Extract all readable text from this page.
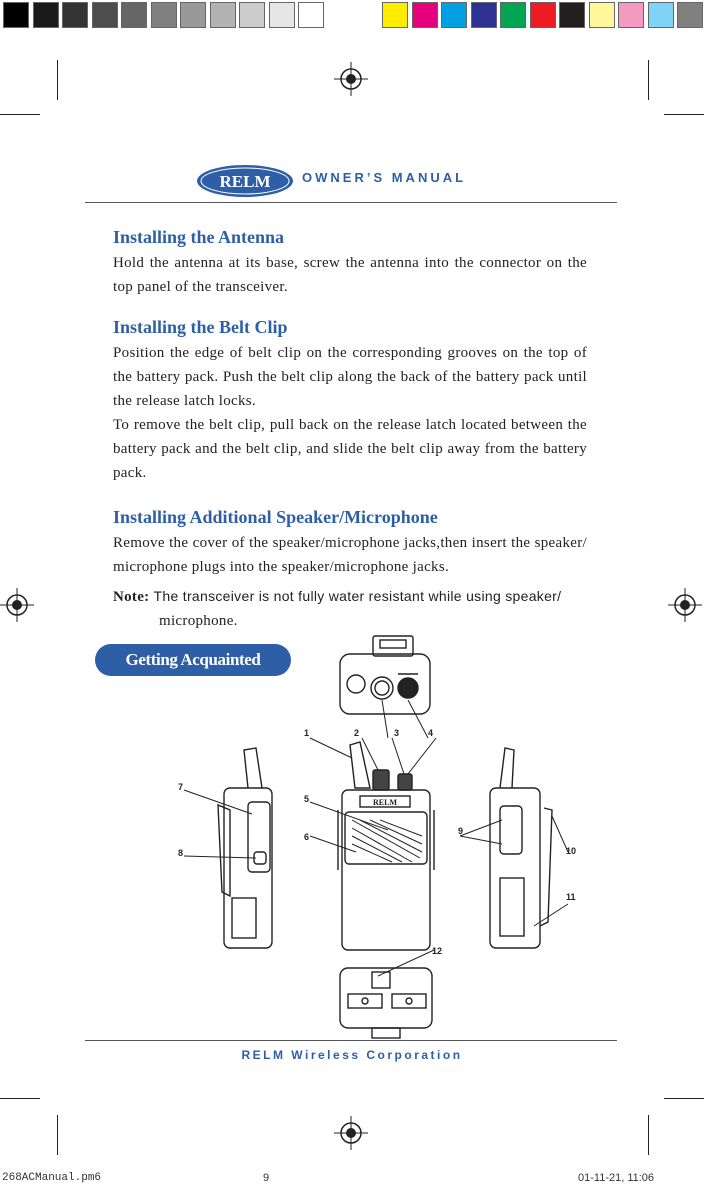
RELM OWNER’S MANUAL

Installing the Antenna

Hold the antenna at its base, screw the antenna into the connector on the top panel of the transceiver.

Installing the Belt Clip

Position the edge of belt clip on the corresponding grooves on the top of the battery pack. Push the belt clip along the back of the battery pack until the release latch locks.

To remove the belt clip, pull back on the release latch located between the battery pack and the belt clip, and slide the belt clip away from the battery pack.

Installing Additional Speaker/Microphone

Remove the cover of the speaker/microphone jacks,then insert the speaker/ microphone plugs into the speaker/microphone jacks.

Note: The transceiver is not fully water resistant while using speaker/

microphone.

Getting Acquainted
1	2	3	4
5
6
7
8
9
10
11
12
RELM
RELM Wireless Corporation
268ACManual.pm6	9	01-11-21, 11:06
